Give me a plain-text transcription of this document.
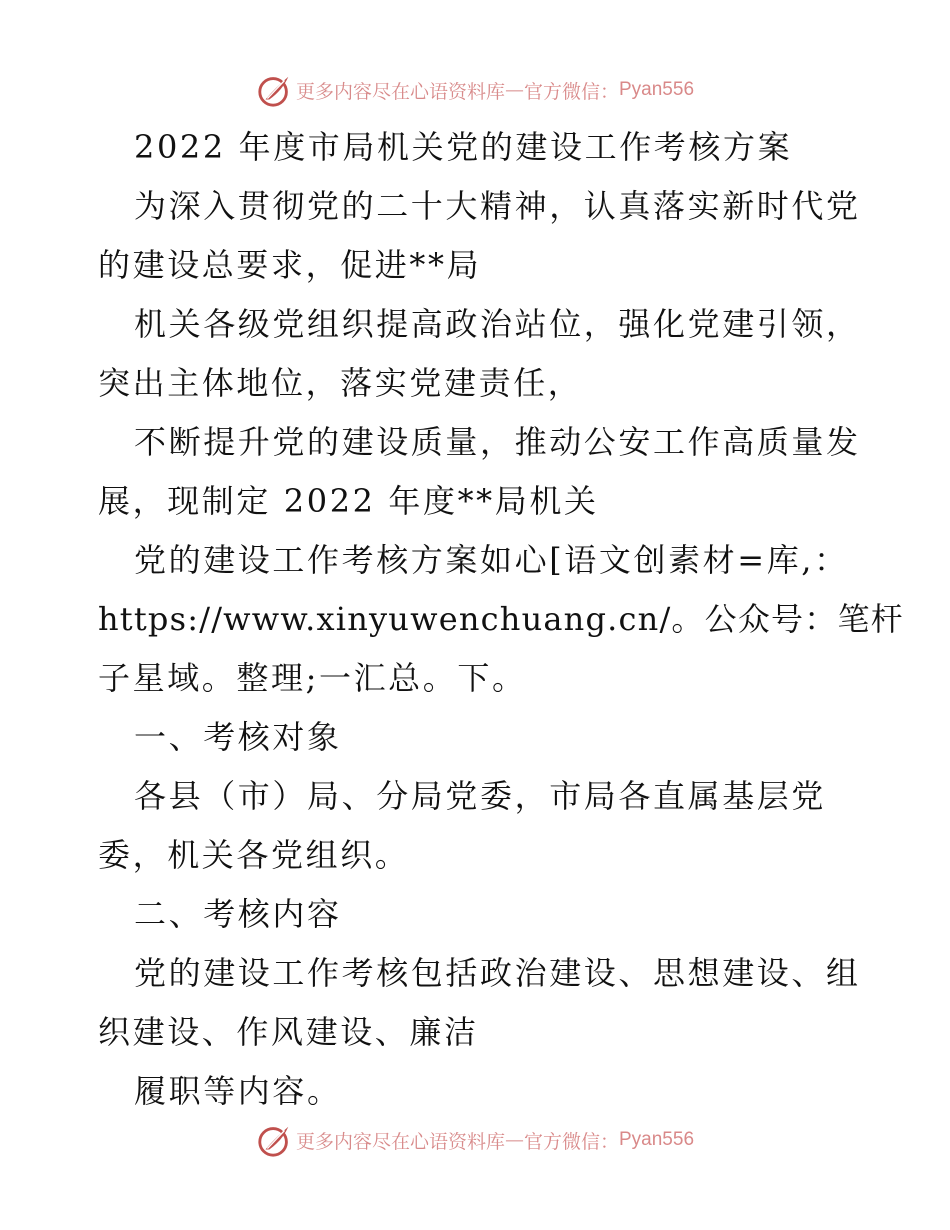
更多内容尽在心语资料库 — 官方微信： Pyan556
2022 年度市局机关党的建设工作考核方案
为深入贯彻党的二十大精神，认真落实新时代党
的建设总要求，促进**局
机关各级党组织提高政治站位，强化党建引领，
突出主体地位，落实党建责任，
不断提升党的建设质量，推动公安工作高质量发
展，现制定 2022 年度**局机关
党的建设工作考核方案如心[语文创素材=库,：
https://www.xinyuwenchuang.cn/。公众号：笔杆
子星域。整理;一汇总。下。
一、考核对象
各县（市）局、分局党委，市局各直属基层党
委，机关各党组织。
二、考核内容
党的建设工作考核包括政治建设、思想建设、组
织建设、作风建设、廉洁
履职等内容。
更多内容尽在心语资料库 — 官方微信： Pyan556
